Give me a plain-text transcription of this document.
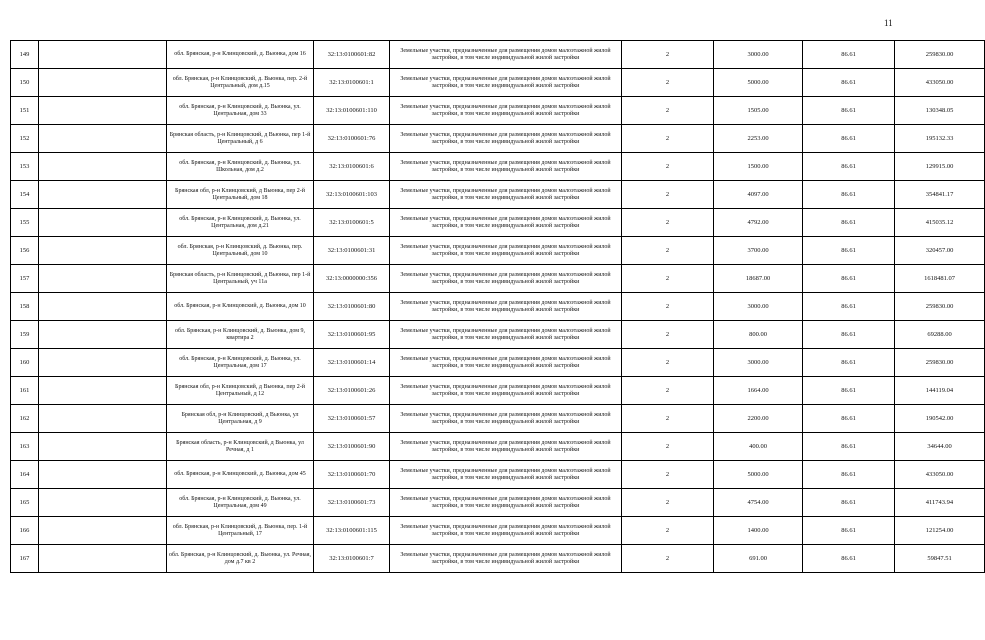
11
149		обл. Брянская, р-н Клинцовский, д. Вьюнка, дом 16	32:13:0100601:82	Земельные участки, предназначенные для размещения домов малоэтажной жилой застройки, в том числе индивидуальной жилой застройки	2	3000.00	86.61	259830.00
150		обл. Брянская, р-н Клинцовский, д. Вьюнка, пер. 2-й Центральный, дом д.15	32:13:0100601:1	Земельные участки, предназначенные для размещения домов малоэтажной жилой застройки, в том числе индивидуальной жилой застройки	2	5000.00	86.61	433050.00
151		обл. Брянская, р-н Клинцовский, д. Вьюнка, ул. Центральная, дом 33	32:13:0100601:110	Земельные участки, предназначенные для размещения домов малоэтажной жилой застройки, в том числе индивидуальной жилой застройки	2	1505.00	86.61	130348.05
152		Брянская область, р-н Клинцовский, д Вьюнка, пер 1-й Центральный, д 6	32:13:0100601:76	Земельные участки, предназначенные для размещения домов малоэтажной жилой застройки, в том числе индивидуальной жилой застройки	2	2253.00	86.61	195132.33
153		обл. Брянская, р-н Клинцовский, д. Вьюнка, ул. Школьная, дом д.2	32:13:0100601:6	Земельные участки, предназначенные для размещения домов малоэтажной жилой застройки, в том числе индивидуальной жилой застройки	2	1500.00	86.61	129915.00
154		Брянская обл, р-н Клинцовский, д Вьюнка, пер 2-й Центральный, дом 18	32:13:0100601:103	Земельные участки, предназначенные для размещения домов малоэтажной жилой застройки, в том числе индивидуальной жилой застройки	2	4097.00	86.61	354841.17
155		обл. Брянская, р-н Клинцовский, д. Вьюнка, ул. Центральная, дом д.21	32:13:0100601:5	Земельные участки, предназначенные для размещения домов малоэтажной жилой застройки, в том числе индивидуальной жилой застройки	2	4792.00	86.61	415035.12
156		обл. Брянская, р-н Клинцовский, д. Вьюнка, пер. Центральный, дом 10	32:13:0100601:31	Земельные участки, предназначенные для размещения домов малоэтажной жилой застройки, в том числе индивидуальной жилой застройки	2	3700.00	86.61	320457.00
157		Брянская область, р-н Клинцовский, д Вьюнка, пер 1-й Центральный, уч 11а	32:13:0000000:356	Земельные участки, предназначенные для размещения домов малоэтажной жилой застройки, в том числе индивидуальной жилой застройки	2	18687.00	86.61	1618481.07
158		обл. Брянская, р-н Клинцовский, д. Вьюнка, дом 10	32:13:0100601:80	Земельные участки, предназначенные для размещения домов малоэтажной жилой застройки, в том числе индивидуальной жилой застройки	2	3000.00	86.61	259830.00
159		обл. Брянская, р-н Клинцовский, д. Вьюнка, дом 9, квартира 2	32:13:0100601:95	Земельные участки, предназначенные для размещения домов малоэтажной жилой застройки, в том числе индивидуальной жилой застройки	2	800.00	86.61	69288.00
160		обл. Брянская, р-н Клинцовский, д. Вьюнка, ул. Центральная, дом 17	32:13:0100601:14	Земельные участки, предназначенные для размещения домов малоэтажной жилой застройки, в том числе индивидуальной жилой застройки	2	3000.00	86.61	259830.00
161		Брянская обл, р-н Клинцовский, д Вьюнка, пер 2-й Центральный, д 12	32:13:0100601:26	Земельные участки, предназначенные для размещения домов малоэтажной жилой застройки, в том числе индивидуальной жилой застройки	2	1664.00	86.61	144119.04
162		Брянская обл, р-н Клинцовский, д Вьюнка, ул Центральная, д 9	32:13:0100601:57	Земельные участки, предназначенные для размещения домов малоэтажной жилой застройки, в том числе индивидуальной жилой застройки	2	2200.00	86.61	190542.00
163		Брянская область, р-н Клинцовский, д Вьюнка, ул Речная, д 1	32:13:0100601:90	Земельные участки, предназначенные для размещения домов малоэтажной жилой застройки, в том числе индивидуальной жилой застройки	2	400.00	86.61	34644.00
164		обл. Брянская, р-н Клинцовский, д. Вьюнка, дом 45	32:13:0100601:70	Земельные участки, предназначенные для размещения домов малоэтажной жилой застройки, в том числе индивидуальной жилой застройки	2	5000.00	86.61	433050.00
165		обл. Брянская, р-н Клинцовский, д. Вьюнка, ул. Центральная, дом 49	32:13:0100601:73	Земельные участки, предназначенные для размещения домов малоэтажной жилой застройки, в том числе индивидуальной жилой застройки	2	4754.00	86.61	411743.94
166		обл. Брянская, р-н Клинцовский, д. Вьюнка, пер. 1-й Центральный, 17	32:13:0100601:115	Земельные участки, предназначенные для размещения домов малоэтажной жилой застройки, в том числе индивидуальной жилой застройки	2	1400.00	86.61	121254.00
167		обл. Брянская, р-н Клинцовский, д. Вьюнка, ул. Речная, дом д.7 кв 2	32:13:0100601:7	Земельные участки, предназначенные для размещения домов малоэтажной жилой застройки, в том числе индивидуальной жилой застройки	2	691.00	86.61	59847.51
